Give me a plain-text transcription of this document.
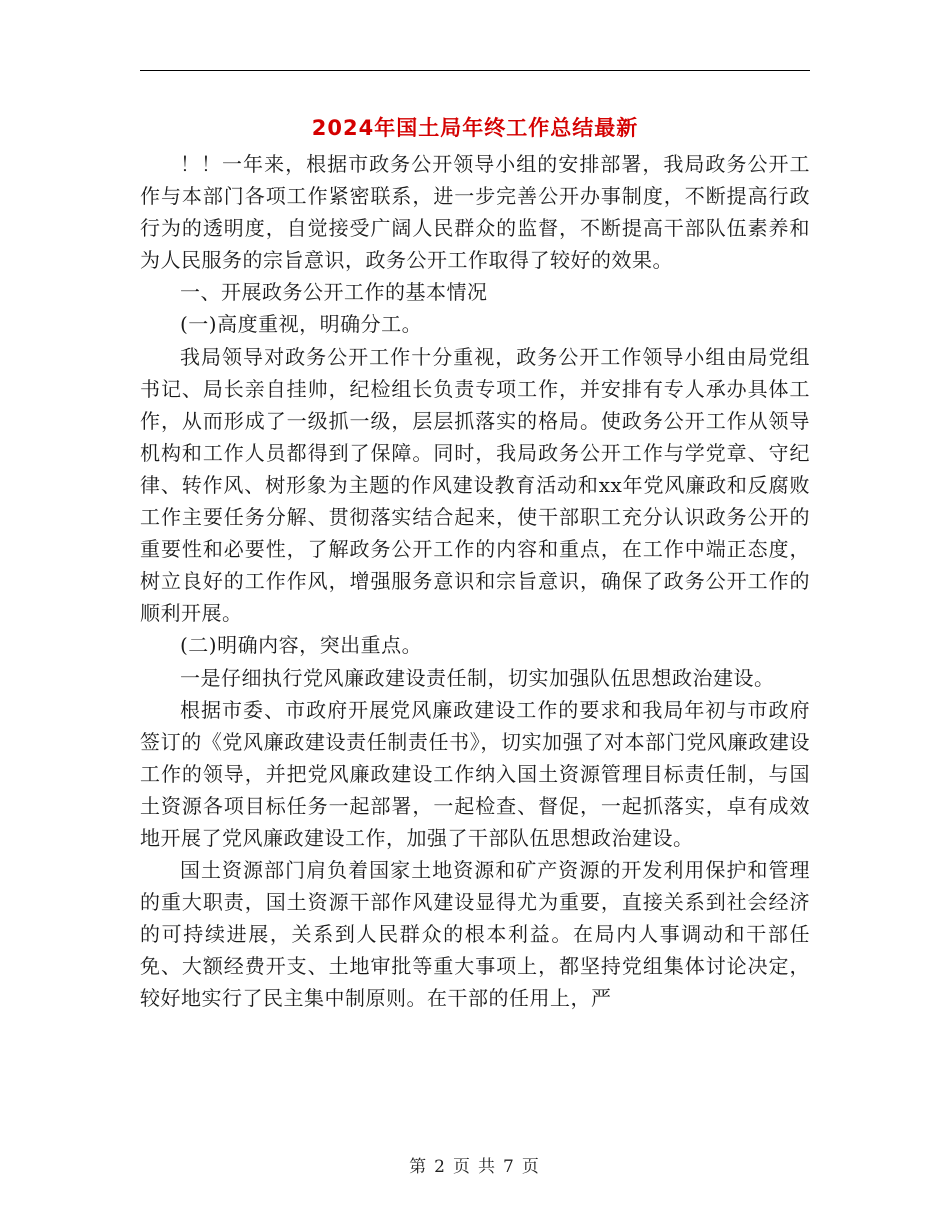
2024年国土局年终工作总结最新

！！一年来，根据市政务公开领导小组的安排部署，我局政务公开工作与本部门各项工作紧密联系，进一步完善公开办事制度，不断提高行政行为的透明度，自觉接受广阔人民群众的监督，不断提高干部队伍素养和为人民服务的宗旨意识，政务公开工作取得了较好的效果。

一、开展政务公开工作的基本情况

(一)高度重视，明确分工。

我局领导对政务公开工作十分重视，政务公开工作领导小组由局党组书记、局长亲自挂帅，纪检组长负责专项工作，并安排有专人承办具体工作，从而形成了一级抓一级，层层抓落实的格局。使政务公开工作从领导机构和工作人员都得到了保障。同时，我局政务公开工作与学党章、守纪律、转作风、树形象为主题的作风建设教育活动和xx年党风廉政和反腐败工作主要任务分解、贯彻落实结合起来，使干部职工充分认识政务公开的重要性和必要性，了解政务公开工作的内容和重点，在工作中端正态度，树立良好的工作作风，增强服务意识和宗旨意识，确保了政务公开工作的顺利开展。

(二)明确内容，突出重点。

一是仔细执行党风廉政建设责任制，切实加强队伍思想政治建设。

根据市委、市政府开展党风廉政建设工作的要求和我局年初与市政府签订的《党风廉政建设责任制责任书》，切实加强了对本部门党风廉政建设工作的领导，并把党风廉政建设工作纳入国土资源管理目标责任制，与国土资源各项目标任务一起部署，一起检查、督促，一起抓落实，卓有成效地开展了党风廉政建设工作，加强了干部队伍思想政治建设。

国土资源部门肩负着国家土地资源和矿产资源的开发利用保护和管理的重大职责，国土资源干部作风建设显得尤为重要，直接关系到社会经济的可持续进展，关系到人民群众的根本利益。在局内人事调动和干部任免、大额经费开支、土地审批等重大事项上，都坚持党组集体讨论决定，较好地实行了民主集中制原则。在干部的任用上，严

第 2 页 共 7 页
